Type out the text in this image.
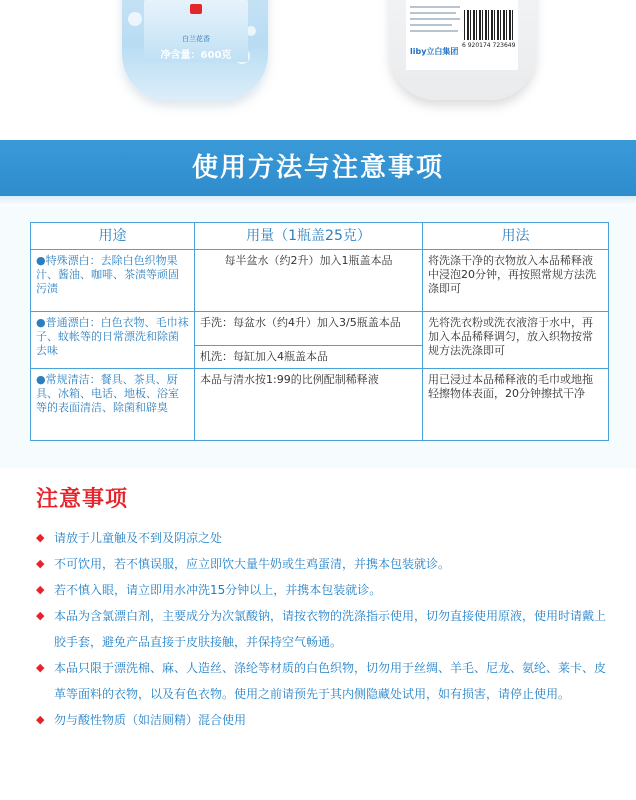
白兰花香
净含量：600克
6 920174 723649
liby立白集团
使用方法与注意事项
用途	用量（1瓶盖25克）	用法
●特殊漂白：去除白色织物果汁、酱油、咖啡、茶渍等顽固污渍	每半盆水（约2升）加入1瓶盖本品	将洗涤干净的衣物放入本品稀释液中浸泡20分钟，再按照常规方法洗涤即可
●普通漂白：白色衣物、毛巾袜子、蚊帐等的日常漂洗和除菌去味	手洗：每盆水（约4升）加入3/5瓶盖本品	先将洗衣粉或洗衣液溶于水中，再加入本品稀释调匀，放入织物按常规方法洗涤即可
	机洗：每缸加入4瓶盖本品	
●常规清洁：餐具、茶具、厨具、冰箱、电话、地板、浴室等的表面清洁、除菌和辟臭	本品与清水按1:99的比例配制稀释液	用已浸过本品稀释液的毛巾或地拖轻擦物体表面，20分钟擦拭干净
注意事项
◆ 请放于儿童触及不到及阴凉之处
◆ 不可饮用，若不慎误服，应立即饮大量牛奶或生鸡蛋清，并携本包装就诊。
◆ 若不慎入眼，请立即用水冲洗15分钟以上，并携本包装就诊。
◆ 本品为含氯漂白剂，主要成分为次氯酸钠，请按衣物的洗涤指示使用，切勿直接使用原液，使用时请戴上胶手套，避免产品直接于皮肤接触，并保持空气畅通。
◆ 本品只限于漂洗棉、麻、人造丝、涤纶等材质的白色织物，切勿用于丝绸、羊毛、尼龙、氨纶、莱卡、皮革等面料的衣物，以及有色衣物。使用之前请预先于其内侧隐藏处试用，如有损害，请停止使用。
◆ 勿与酸性物质（如洁厕精）混合使用
